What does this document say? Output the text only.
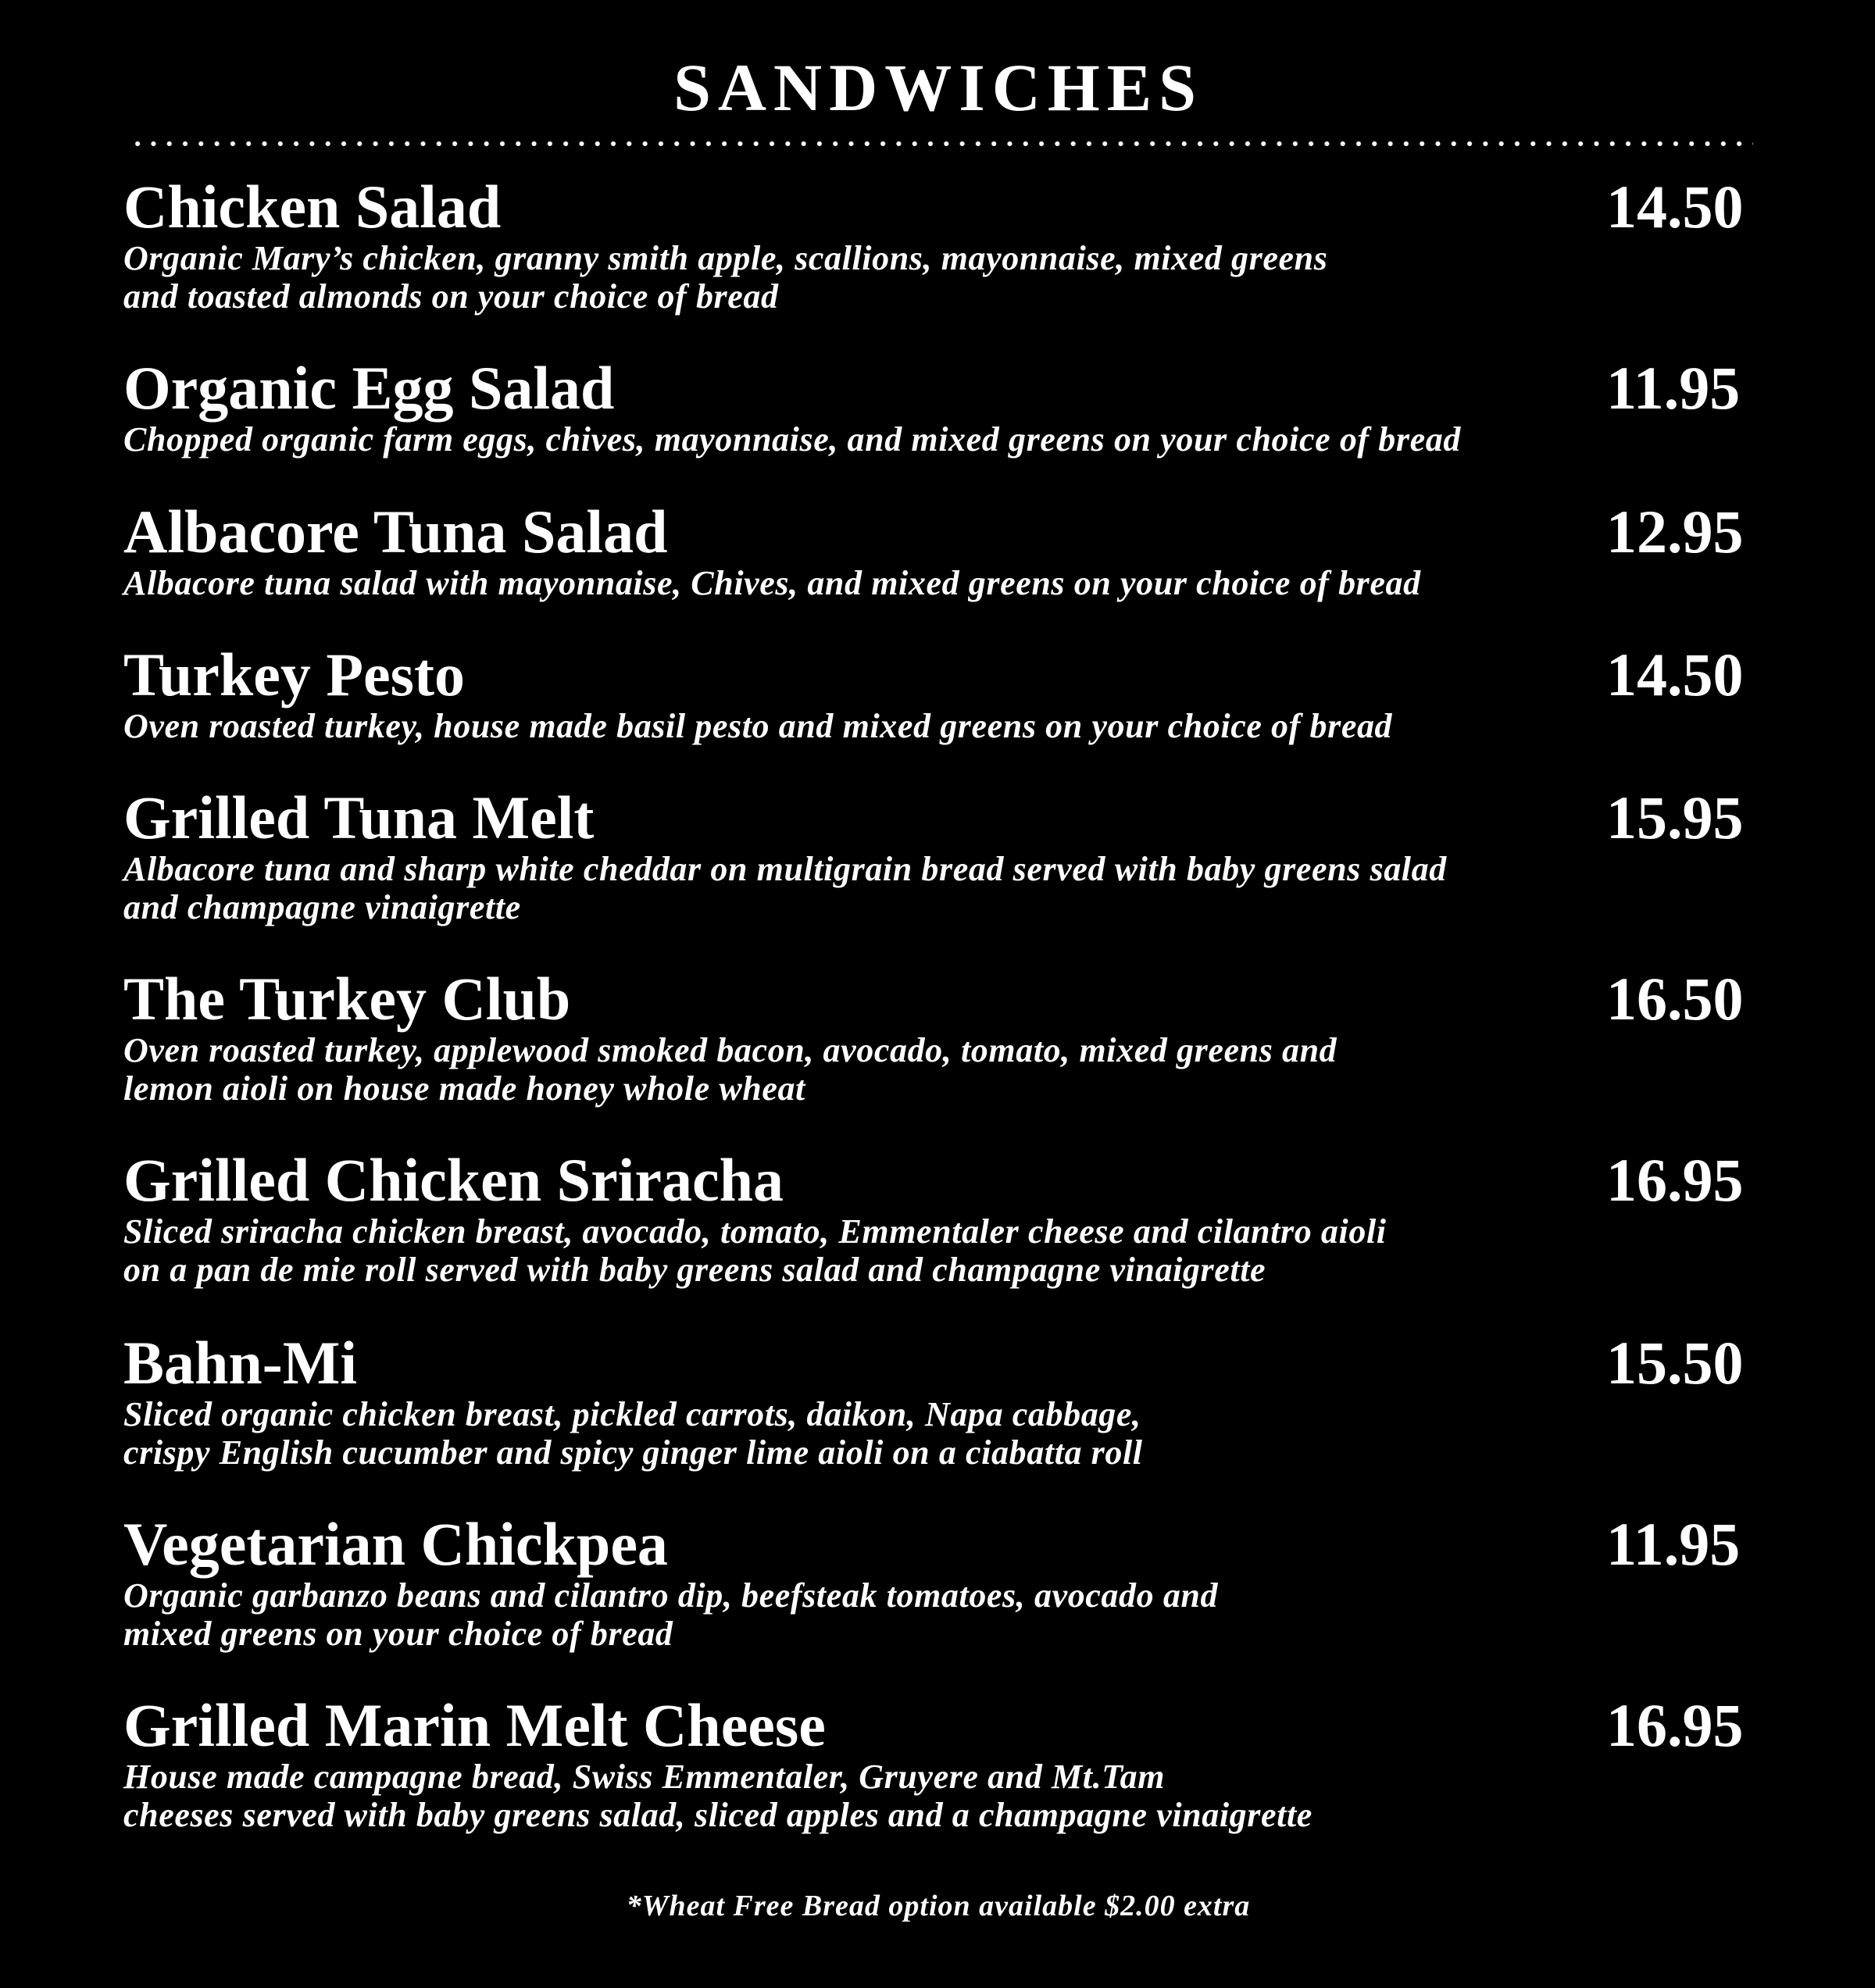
SANDWICHES
Chicken Salad	14.50
Organic Mary’s chicken, granny smith apple, scallions, mayonnaise, mixed greens
and toasted almonds on your choice of bread
Organic Egg Salad	11.95
Chopped organic farm eggs, chives, mayonnaise, and mixed greens on your choice of bread
Albacore Tuna Salad	12.95
Albacore tuna salad with mayonnaise, Chives, and mixed greens on your choice of bread
Turkey Pesto	14.50
Oven roasted turkey, house made basil pesto and mixed greens on your choice of bread
Grilled Tuna Melt	15.95
Albacore tuna and sharp white cheddar on multigrain bread served with baby greens salad
and champagne vinaigrette
The Turkey Club	16.50
Oven roasted turkey, applewood smoked bacon, avocado, tomato, mixed greens and
lemon aioli on house made honey whole wheat
Grilled Chicken Sriracha	16.95
Sliced sriracha chicken breast, avocado, tomato, Emmentaler cheese and cilantro aioli
on a pan de mie roll served with baby greens salad and champagne vinaigrette
Bahn-Mi	15.50
Sliced organic chicken breast, pickled carrots, daikon, Napa cabbage,
crispy English cucumber and spicy ginger lime aioli on a ciabatta roll
Vegetarian Chickpea	11.95
Organic garbanzo beans and cilantro dip, beefsteak tomatoes, avocado and
mixed greens on your choice of bread
Grilled Marin Melt Cheese	16.95
House made campagne bread, Swiss Emmentaler, Gruyere and Mt.Tam
cheeses served with baby greens salad, sliced apples and a champagne vinaigrette
*Wheat Free Bread option available $2.00 extra
